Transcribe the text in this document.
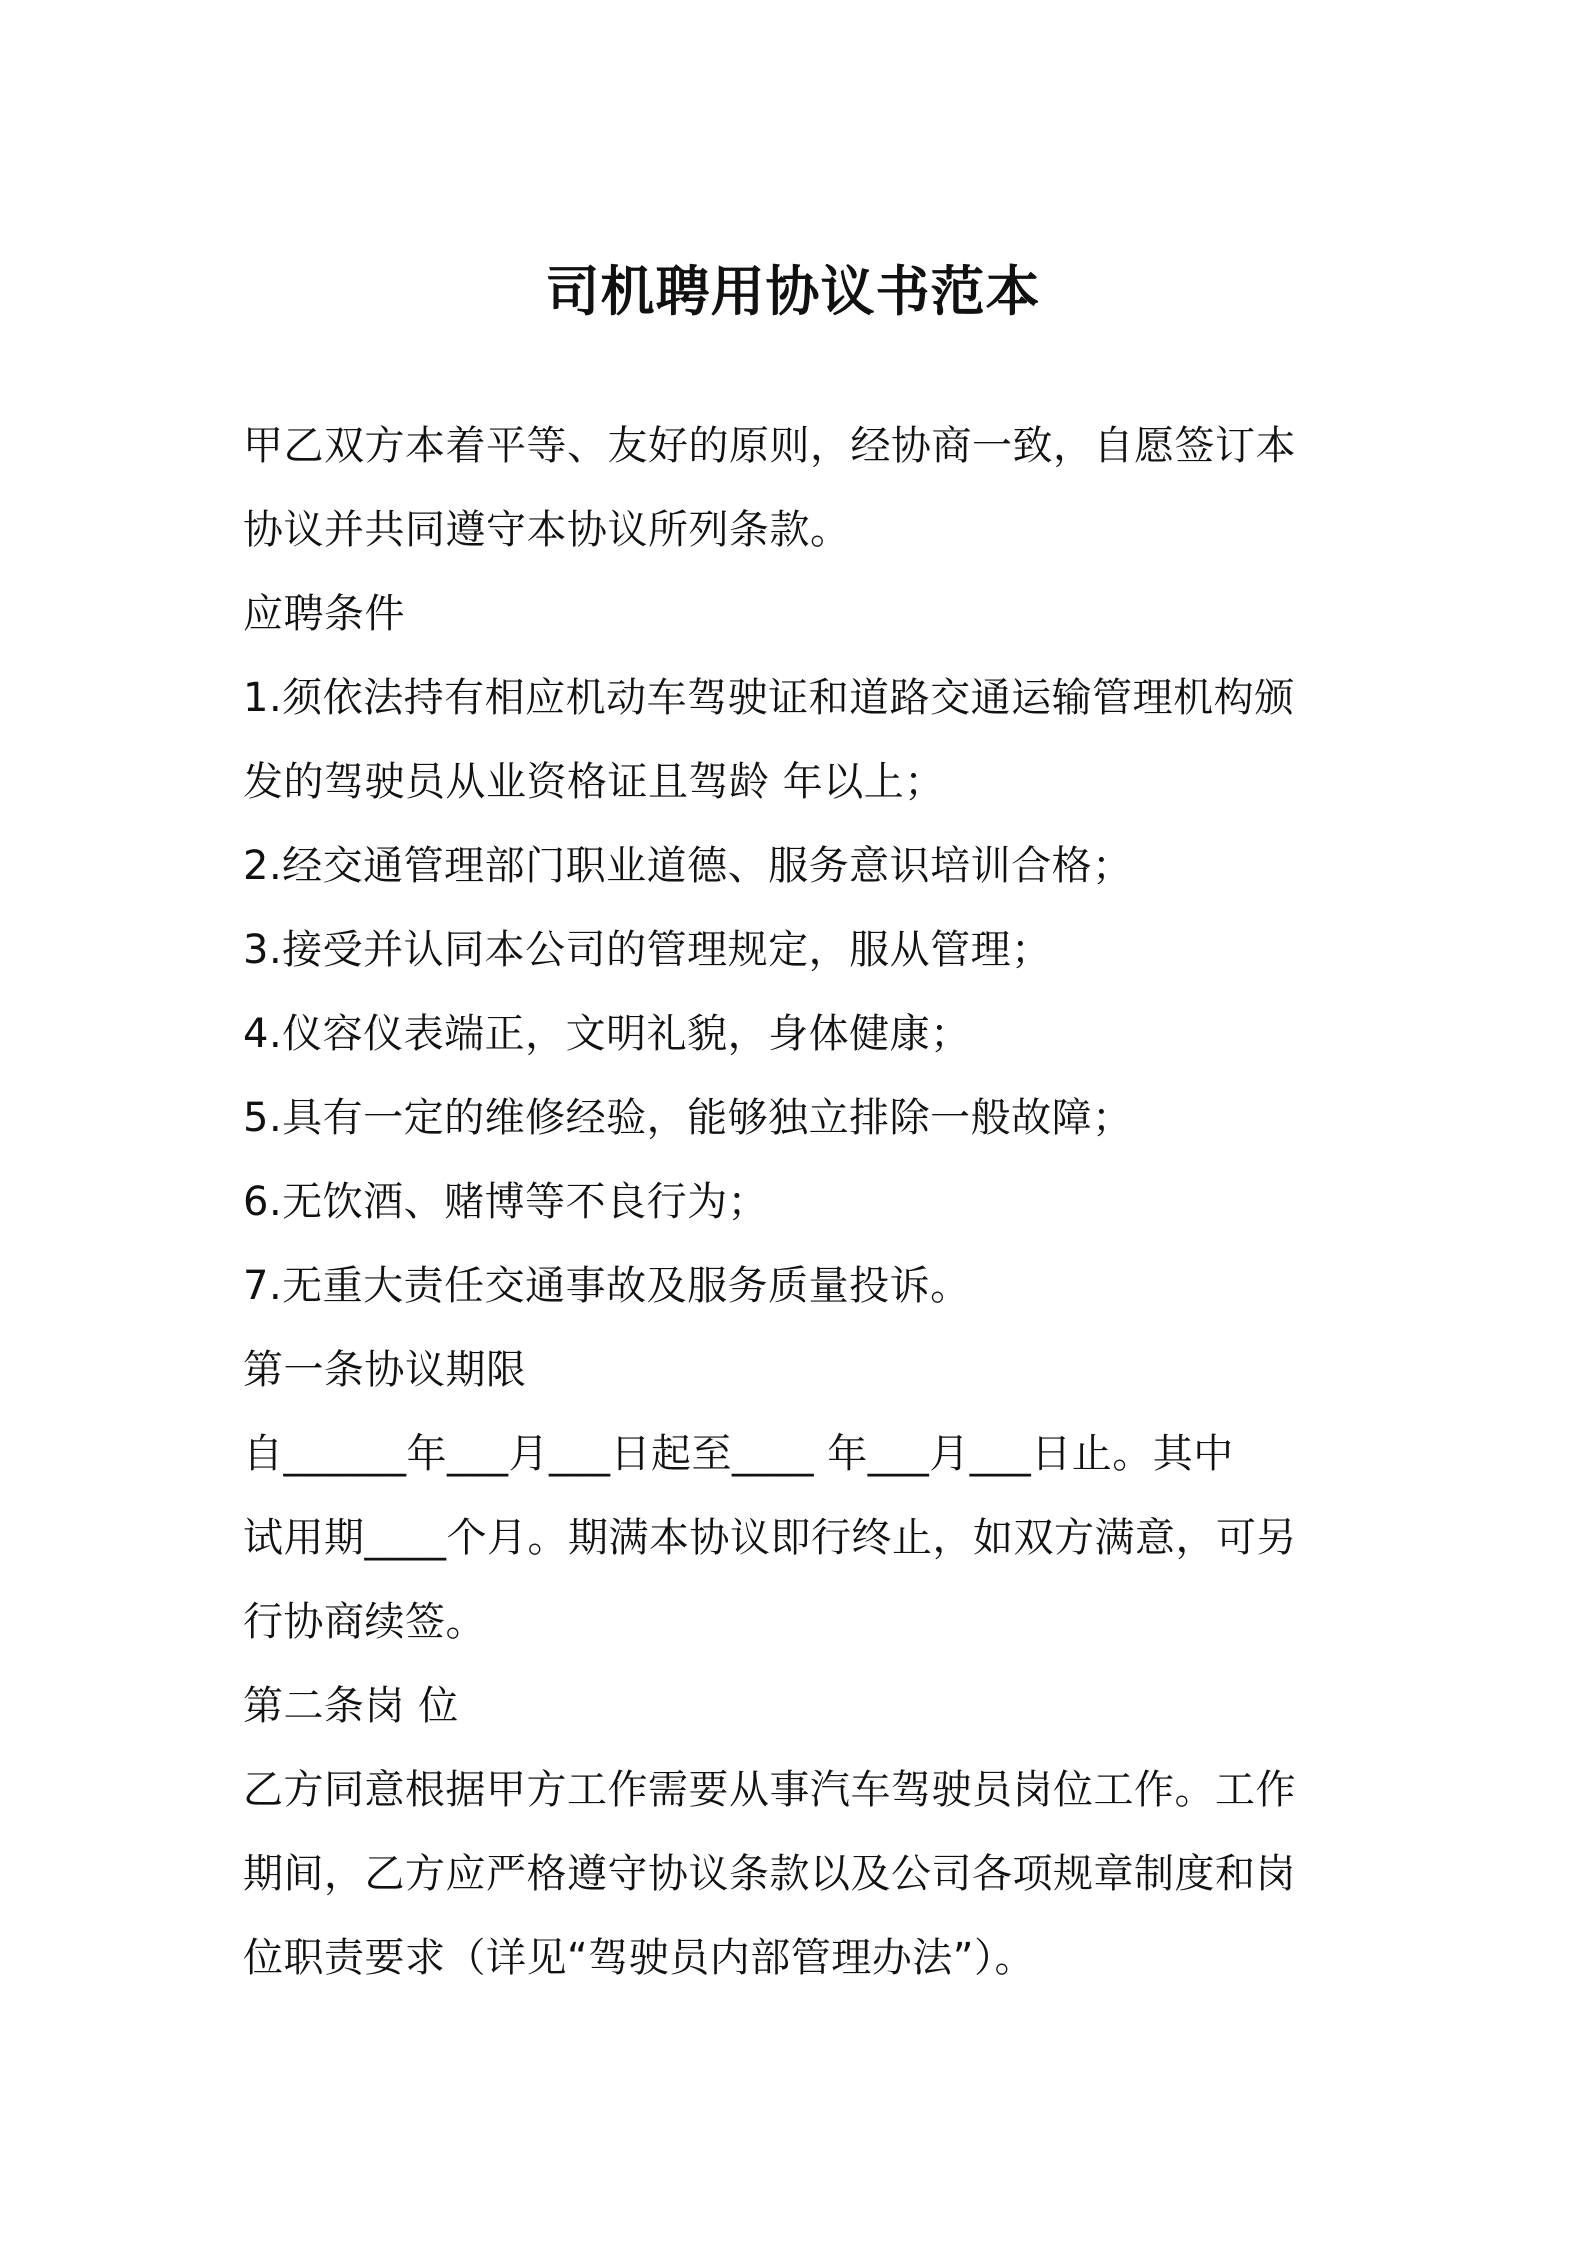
司机聘用协议书范本
甲乙双方本着平等、友好的原则，经协商一致，自愿签订本
协议并共同遵守本协议所列条款。
应聘条件
1.须依法持有相应机动车驾驶证和道路交通运输管理机构颁
发的驾驶员从业资格证且驾龄 年以上；
2.经交通管理部门职业道德、服务意识培训合格；
3.接受并认同本公司的管理规定，服从管理；
4.仪容仪表端正，文明礼貌，身体健康；
5.具有一定的维修经验，能够独立排除一般故障；
6.无饮酒、赌博等不良行为；
7.无重大责任交通事故及服务质量投诉。
第一条协议期限
自______年___月___日起至____ 年___月___日止。其中
试用期____个月。期满本协议即行终止，如双方满意，可另
行协商续签。
第二条岗 位
乙方同意根据甲方工作需要从事汽车驾驶员岗位工作。工作
期间，乙方应严格遵守协议条款以及公司各项规章制度和岗
位职责要求（详见“驾驶员内部管理办法”）。
